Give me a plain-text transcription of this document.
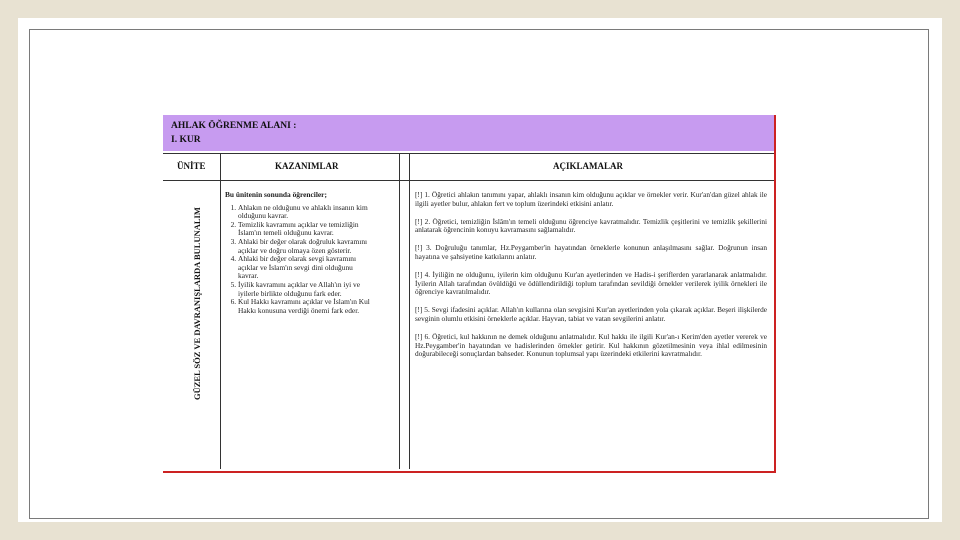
AHLAK ÖĞRENME ALANI :
I. KUR
ÜNİTE	KAZANIMLAR	AÇIKLAMALAR
GÜZEL SÖZ VE DAVRANIŞLARDA BULUNALIM
Bu ünitenin sonunda öğrenciler;
1. Ahlakın ne olduğunu ve ahlaklı insanın kim olduğunu kavrar.
2. Temizlik kavramını açıklar ve temizliğin İslam'ın temeli olduğunu kavrar.
3. Ahlaki bir değer olarak doğruluk kavramını açıklar ve doğru olmaya özen gösterir.
4. Ahlaki bir değer olarak sevgi kavramını açıklar ve İslam'ın sevgi dini olduğunu kavrar.
5. İyilik kavramını açıklar ve Allah'ın iyi ve iyilerle birlikte olduğunu fark eder.
6. Kul Hakkı kavramını açıklar ve İslam'ın Kul Hakkı konusuna verdiği önemi fark eder.

[!] 1. Öğretici ahlakın tanımını yapar, ahlaklı insanın kim olduğunu açıklar ve örnekler verir. Kur'an'dan güzel ahlak ile ilgili ayetler bulur, ahlakın fert ve toplum üzerindeki etkisini anlatır.

[!] 2. Öğretici, temizliğin İslâm'ın temeli olduğunu öğrenciye kavratmalıdır. Temizlik çeşitlerini ve temizlik şekillerini anlatarak öğrencinin konuyu kavramasını sağlamalıdır.

[!] 3. Doğruluğu tanımlar, Hz.Peygamber'in hayatından örneklerle konunun anlaşılmasını sağlar. Doğrunun insan hayatına ve şahsiyetine katkılarını anlatır.

[!] 4. İyiliğin ne olduğunu, iyilerin kim olduğunu Kur'an ayetlerinden ve Hadis-i şeriflerden yararlanarak anlatmalıdır. İyilerin Allah tarafından övüldüğü ve ödüllendirildiği toplum tarafından sevildiği örnekler verilerek iyilik örnekleri ile öğrenciye kavratılmalıdır.

[!] 5. Sevgi ifadesini açıklar. Allah'ın kullarına olan sevgisini Kur'an ayetlerinden yola çıkarak açıklar. Beşeri ilişkilerde sevginin olumlu etkisini örneklerle açıklar. Hayvan, tabiat ve vatan sevgilerini anlatır.

[!] 6. Öğretici, kul hakkının ne demek olduğunu anlatmalıdır. Kul hakkı ile ilgili Kur'an-ı Kerim'den ayetler vererek ve Hz.Peygamber'in hayatından ve hadislerinden örnekler getirir. Kul hakkının gözetilmesinin veya ihlal edilmesinin doğurabileceği sonuçlardan bahseder. Konunun toplumsal yapı üzerindeki etkilerini kavratmalıdır.
